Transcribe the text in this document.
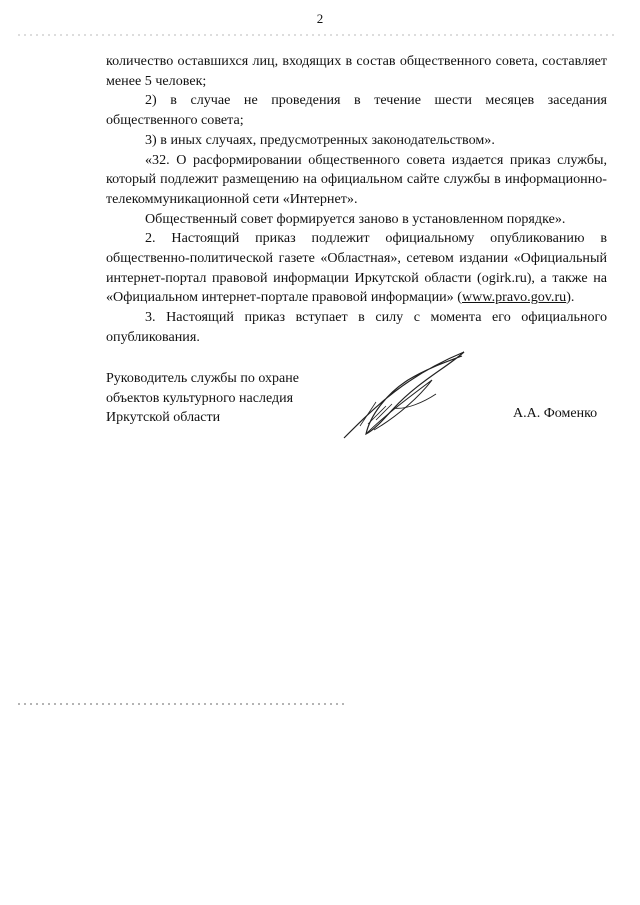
2

количество оставшихся лиц, входящих в состав общественного совета, составляет менее 5 человек;

2) в случае не проведения в течение шести месяцев заседания общественного совета;

3) в иных случаях, предусмотренных законодательством».

«32. О расформировании общественного совета издается приказ службы, который подлежит размещению на официальном сайте службы в информационно-телекоммуникационной сети «Интернет».

Общественный совет формируется заново в установленном порядке».

2. Настоящий приказ подлежит официальному опубликованию в общественно-политической газете «Областная», сетевом издании «Официальный интернет-портал правовой информации Иркутской области (ogirk.ru), а также на «Официальном интернет-портале правовой информации» (www.pravo.gov.ru).

3. Настоящий приказ вступает в силу с момента его официального опубликования.

Руководитель службы по охране
объектов культурного наследия
Иркутской области	А.А. Фоменко
